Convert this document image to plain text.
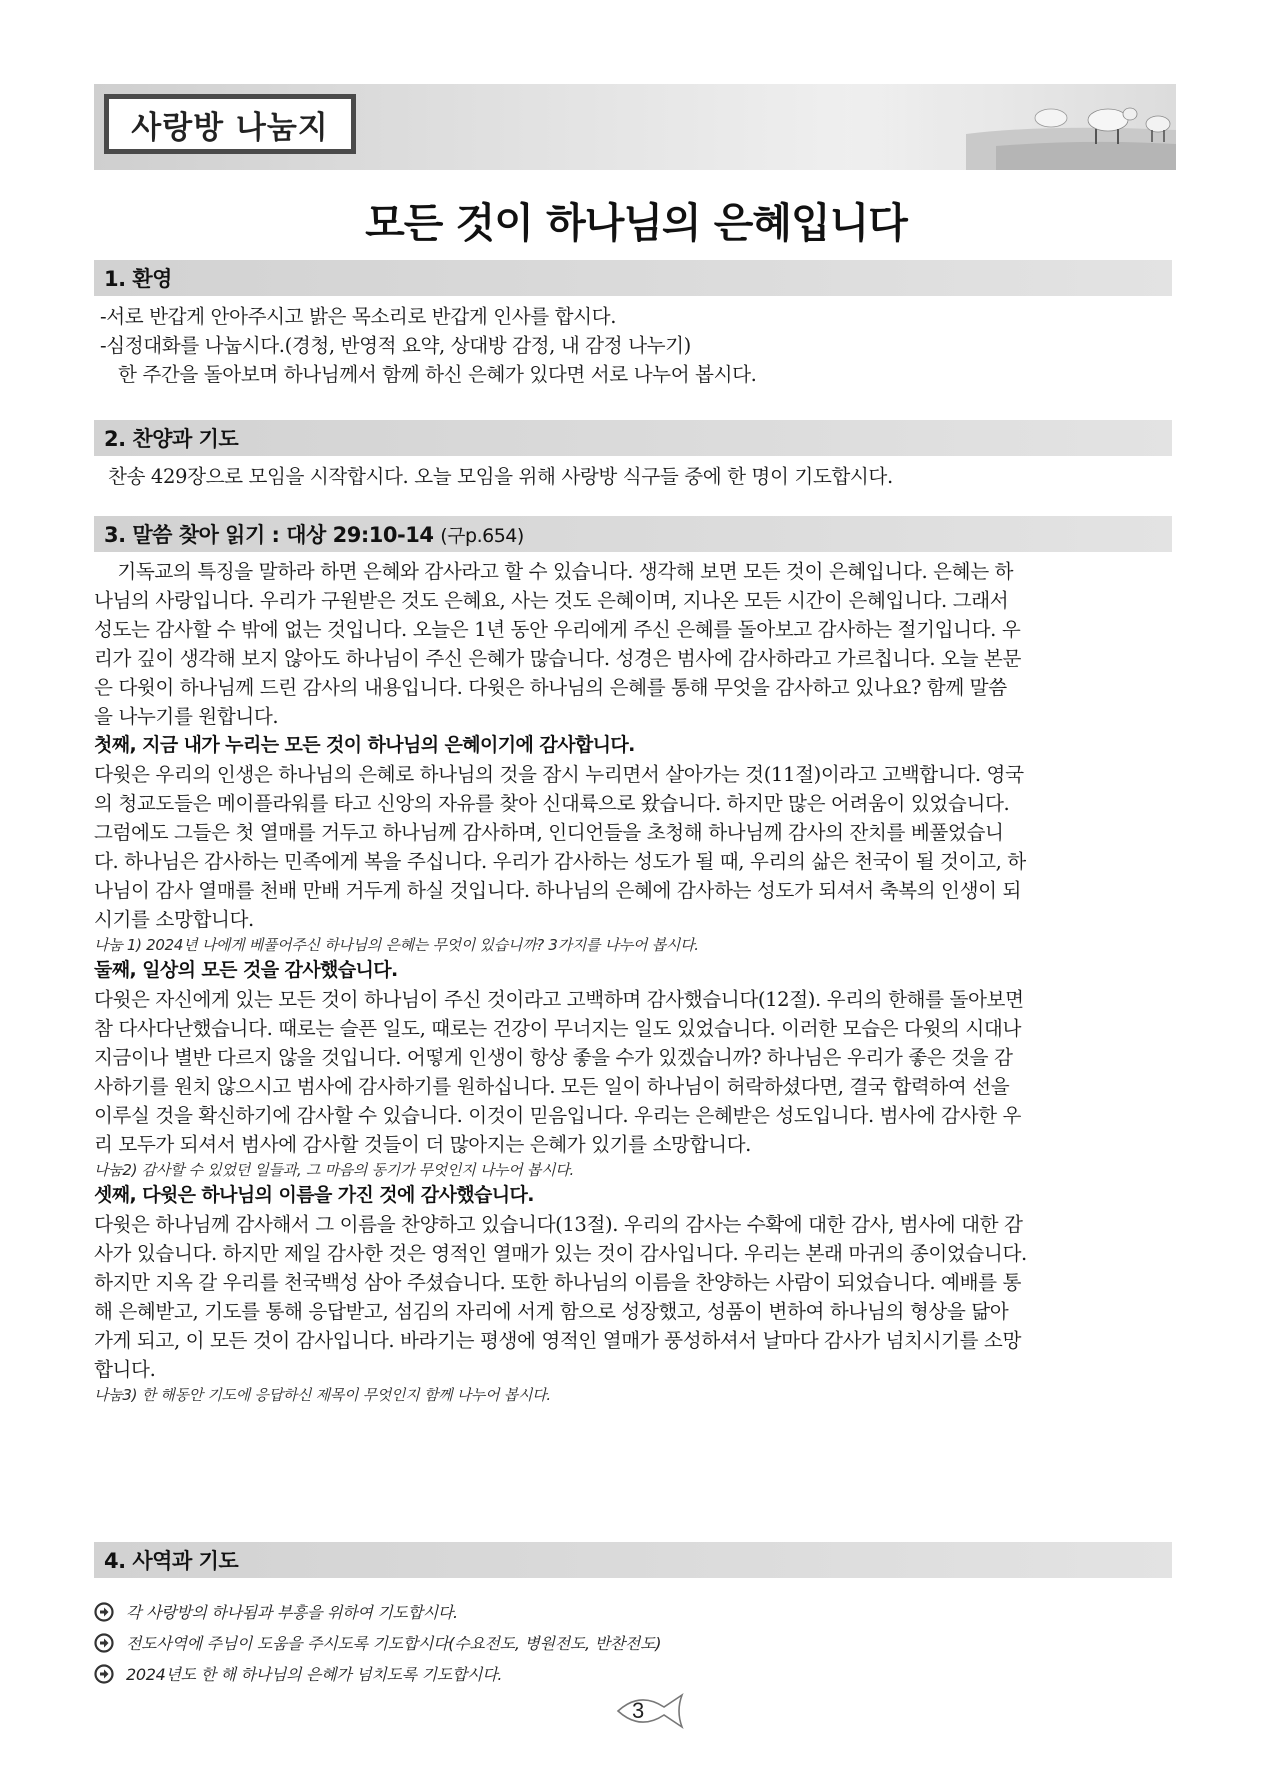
사랑방 나눔지
모든 것이 하나님의 은혜입니다
1. 환영
-서로 반갑게 안아주시고 밝은 목소리로 반갑게 인사를 합시다.
-심정대화를 나눕시다.(경청, 반영적 요약, 상대방 감정, 내 감정 나누기)
한 주간을 돌아보며 하나님께서 함께 하신 은혜가 있다면 서로 나누어 봅시다.
2. 찬양과 기도
찬송 429장으로 모임을 시작합시다. 오늘 모임을 위해 사랑방 식구들 중에 한 명이 기도합시다.
3. 말씀 찾아 읽기 : 대상 29:10-14 (구p.654)
기독교의 특징을 말하라 하면 은혜와 감사라고 할 수 있습니다. 생각해 보면 모든 것이 은혜입니다. 은혜는 하
나님의 사랑입니다. 우리가 구원받은 것도 은혜요, 사는 것도 은혜이며, 지나온 모든 시간이 은혜입니다. 그래서
성도는 감사할 수 밖에 없는 것입니다. 오늘은 1년 동안 우리에게 주신 은혜를 돌아보고 감사하는 절기입니다. 우
리가 깊이 생각해 보지 않아도 하나님이 주신 은혜가 많습니다. 성경은 범사에 감사하라고 가르칩니다. 오늘 본문
은 다윗이 하나님께 드린 감사의 내용입니다. 다윗은 하나님의 은혜를 통해 무엇을 감사하고 있나요? 함께 말씀
을 나누기를 원합니다.
첫째, 지금 내가 누리는 모든 것이 하나님의 은혜이기에 감사합니다.
다윗은 우리의 인생은 하나님의 은혜로 하나님의 것을 잠시 누리면서 살아가는 것(11절)이라고 고백합니다. 영국
의 청교도들은 메이플라워를 타고 신앙의 자유를 찾아 신대륙으로 왔습니다. 하지만 많은 어려움이 있었습니다.
그럼에도 그들은 첫 열매를 거두고 하나님께 감사하며, 인디언들을 초청해 하나님께 감사의 잔치를 베풀었습니
다. 하나님은 감사하는 민족에게 복을 주십니다. 우리가 감사하는 성도가 될 때, 우리의 삶은 천국이 될 것이고, 하
나님이 감사 열매를 천배 만배 거두게 하실 것입니다. 하나님의 은혜에 감사하는 성도가 되셔서 축복의 인생이 되
시기를 소망합니다.
나눔 1) 2024년 나에게 베풀어주신 하나님의 은혜는 무엇이 있습니까? 3가지를 나누어 봅시다.
둘째, 일상의 모든 것을 감사했습니다.
다윗은 자신에게 있는 모든 것이 하나님이 주신 것이라고 고백하며 감사했습니다(12절). 우리의 한해를 돌아보면
참 다사다난했습니다. 때로는 슬픈 일도, 때로는 건강이 무너지는 일도 있었습니다. 이러한 모습은 다윗의 시대나
지금이나 별반 다르지 않을 것입니다. 어떻게 인생이 항상 좋을 수가 있겠습니까? 하나님은 우리가 좋은 것을 감
사하기를 원치 않으시고 범사에 감사하기를 원하십니다. 모든 일이 하나님이 허락하셨다면, 결국 합력하여 선을
이루실 것을 확신하기에 감사할 수 있습니다. 이것이 믿음입니다. 우리는 은혜받은 성도입니다. 범사에 감사한 우
리 모두가 되셔서 범사에 감사할 것들이 더 많아지는 은혜가 있기를 소망합니다.
나눔2) 감사할 수 있었던 일들과, 그 마음의 동기가 무엇인지 나누어 봅시다.
셋째, 다윗은 하나님의 이름을 가진 것에 감사했습니다.
다윗은 하나님께 감사해서 그 이름을 찬양하고 있습니다(13절). 우리의 감사는 수확에 대한 감사, 범사에 대한 감
사가 있습니다. 하지만 제일 감사한 것은 영적인 열매가 있는 것이 감사입니다. 우리는 본래 마귀의 종이었습니다.
하지만 지옥 갈 우리를 천국백성 삼아 주셨습니다. 또한 하나님의 이름을 찬양하는 사람이 되었습니다. 예배를 통
해 은혜받고, 기도를 통해 응답받고, 섬김의 자리에 서게 함으로 성장했고, 성품이 변하여 하나님의 형상을 닮아
가게 되고, 이 모든 것이 감사입니다. 바라기는 평생에 영적인 열매가 풍성하셔서 날마다 감사가 넘치시기를 소망
합니다.
나눔3) 한 해동안 기도에 응답하신 제목이 무엇인지 함께 나누어 봅시다.
4. 사역과 기도
각 사랑방의 하나됨과 부흥을 위하여 기도합시다.
전도사역에 주님이 도움을 주시도록 기도합시다(수요전도, 병원전도, 반찬전도)
2024년도 한 해 하나님의 은혜가 넘치도록 기도합시다.
3
